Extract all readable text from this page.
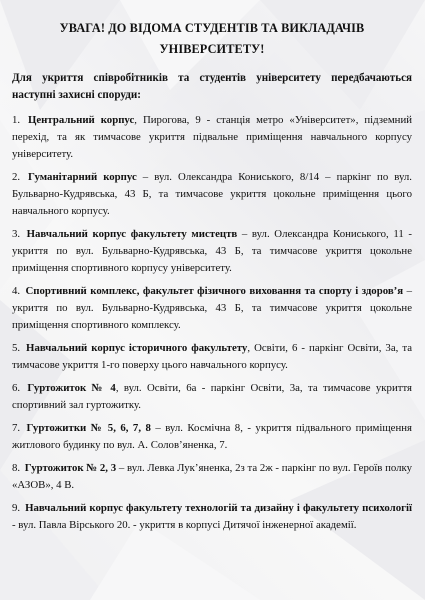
УВАГА! ДО ВІДОМА СТУДЕНТІВ ТА ВИКЛАДАЧІВ
УНІВЕРСИТЕТУ!

Для укриття співробітників та студентів університету передбачаються наступні захисні споруди:

1. Центральний корпус, Пирогова, 9 - станція метро «Університет», підземний перехід, та як тимчасове укриття підвальне приміщення навчального корпусу університету.

2. Гуманітарний корпус – вул. Олександра Кониського, 8/14 – паркінг по вул. Бульварно-Кудрявська, 43 Б, та тимчасове укриття цокольне приміщення цього навчального корпусу.

3. Навчальний корпус факультету мистецтв – вул. Олександра Кониського, 11 - укриття по вул. Бульварно-Кудрявська, 43 Б, та тимчасове укриття цокольне приміщення спортивного корпусу університету.

4. Спортивний комплекс, факультет фізичного виховання та спорту і здоров’я – укриття по вул. Бульварно-Кудрявська, 43 Б, та тимчасове укриття цокольне приміщення спортивного комплексу.

5. Навчальний корпус історичного факультету, Освіти, 6 - паркінг Освіти, 3а, та тимчасове укриття 1-го поверху цього навчального корпусу.

6. Гуртожиток № 4, вул. Освіти, 6а - паркінг Освіти, 3а, та тимчасове укриття спортивний зал гуртожитку.

7. Гуртожитки № 5, 6, 7, 8 – вул. Космічна 8, - укриття підвального приміщення житлового будинку по вул. А. Солов’яненка, 7.

8. Гуртожиток № 2, 3 – вул. Левка Лук’яненка, 2з та 2ж - паркінг по вул. Героїв полку «АЗОВ», 4 В.

9. Навчальний корпус факультету технологій та дизайну і факультету психології - вул. Павла Вірського 20. - укриття в корпусі Дитячої інженерної академії.
